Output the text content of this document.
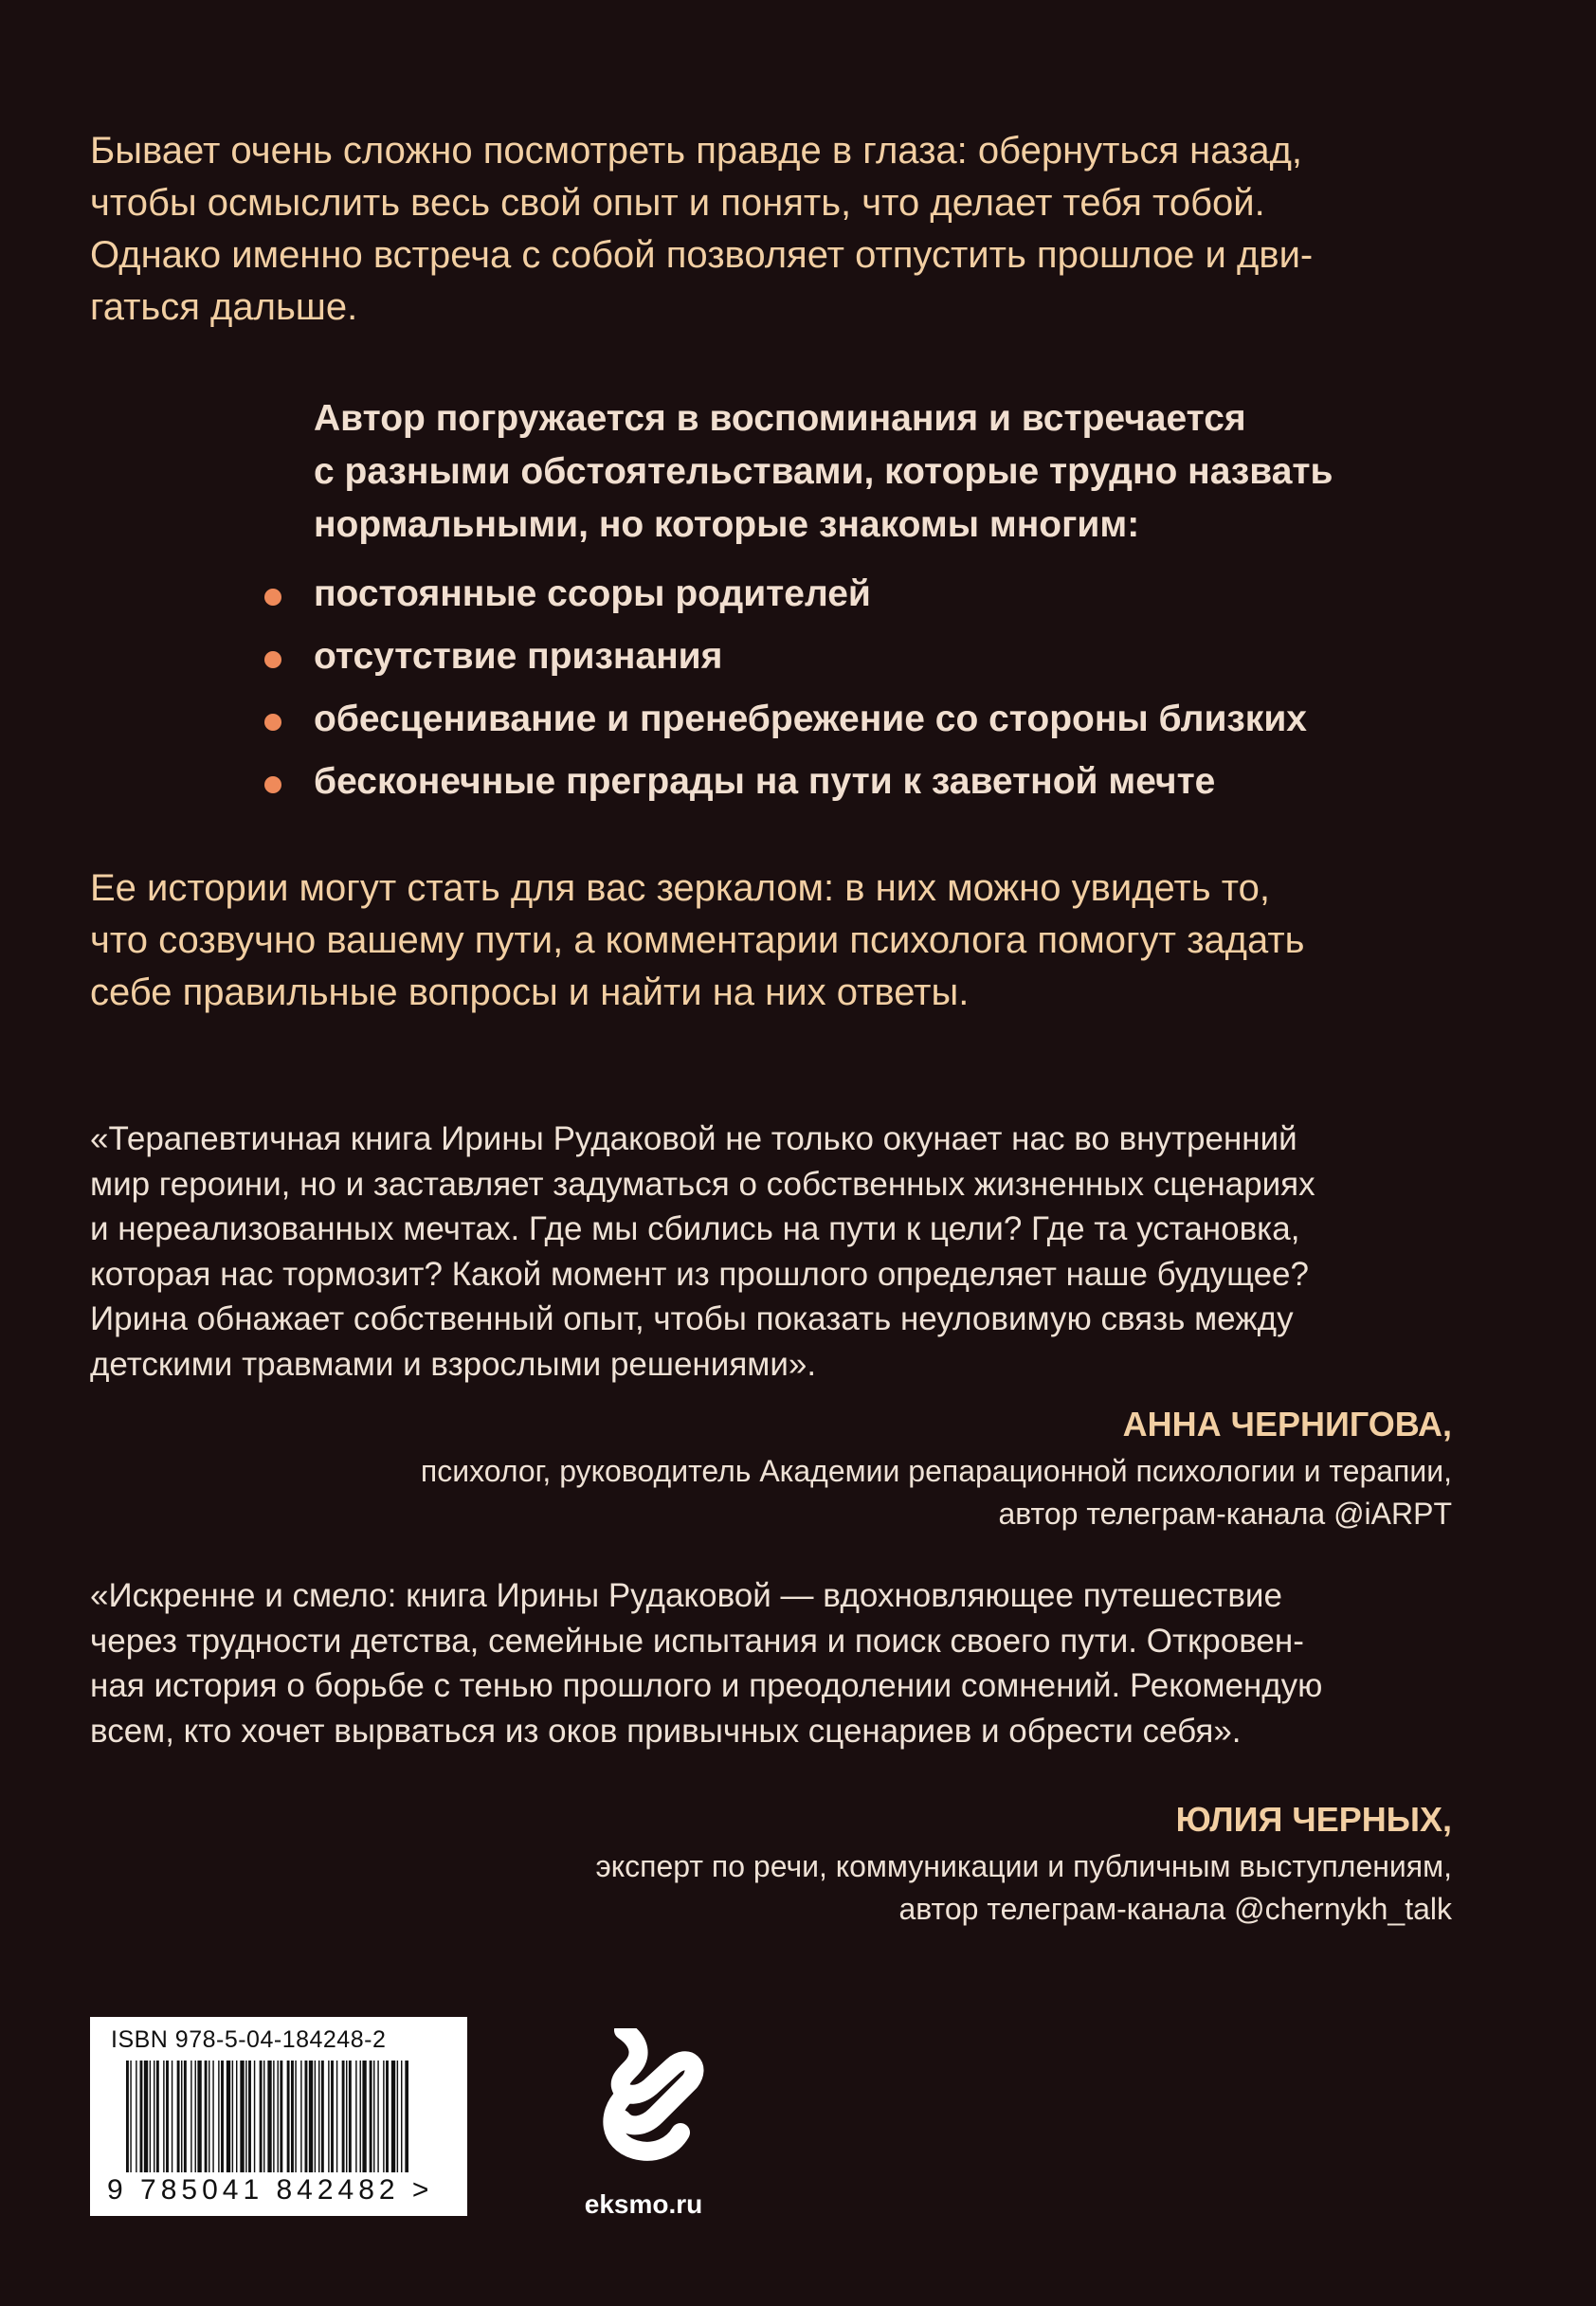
Бывает очень сложно посмотреть правде в глаза: обернуться назад,
чтобы осмыслить весь свой опыт и понять, что делает тебя тобой.
Однако именно встреча с собой позволяет отпустить прошлое и дви-
гаться дальше.

Автор погружается в воспоминания и встречается
с разными обстоятельствами, которые трудно назвать
нормальными, но которые знакомы многим:

постоянные ссоры родителей
отсутствие признания
обесценивание и пренебрежение со стороны близких
бесконечные преграды на пути к заветной мечте

Ее истории могут стать для вас зеркалом: в них можно увидеть то,
что созвучно вашему пути, а комментарии психолога помогут задать
себе правильные вопросы и найти на них ответы.

«Терапевтичная книга Ирины Рудаковой не только окунает нас во внутренний
мир героини, но и заставляет задуматься о собственных жизненных сценариях
и нереализованных мечтах. Где мы сбились на пути к цели? Где та установка,
которая нас тормозит? Какой момент из прошлого определяет наше будущее?
Ирина обнажает собственный опыт, чтобы показать неуловимую связь между
детскими травмами и взрослыми решениями».

АННА ЧЕРНИГОВА,
психолог, руководитель Академии репарационной психологии и терапии,
автор телеграм-канала @iARPT

«Искренне и смело: книга Ирины Рудаковой — вдохновляющее путешествие
через трудности детства, семейные испытания и поиск своего пути. Откровен-
ная история о борьбе с тенью прошлого и преодолении сомнений. Рекомендую
всем, кто хочет вырваться из оков привычных сценариев и обрести себя».

ЮЛИЯ ЧЕРНЫХ,
эксперт по речи, коммуникации и публичным выступлениям,
автор телеграм-канала @chernykh_talk
ISBN 978-5-04-184248-2
9 785041 842482 >	eksmo.ru
